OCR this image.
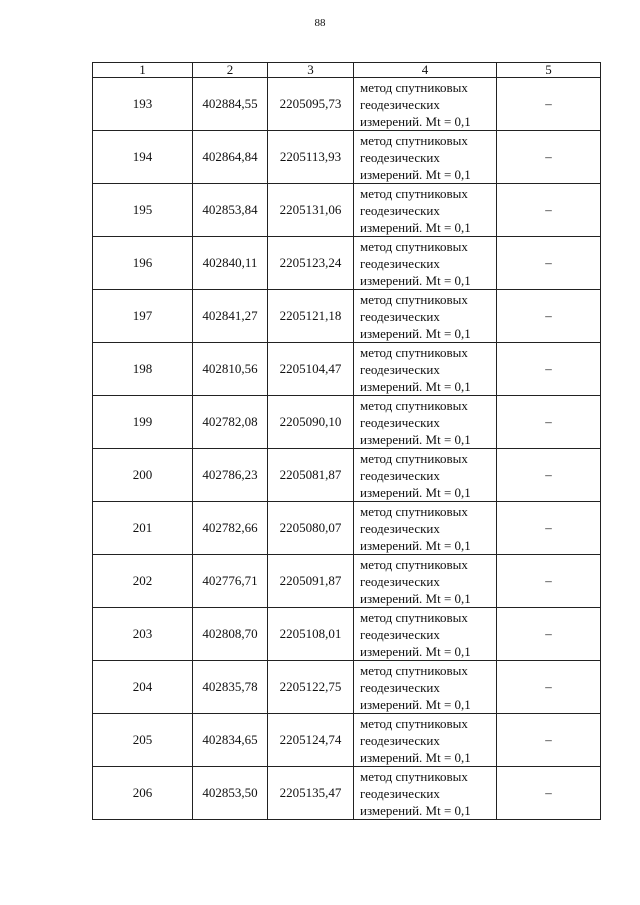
88
1	2	3	4	5
193	402884,55	2205095,73	метод спутниковых
геодезических
измерений. Mt = 0,1	–
194	402864,84	2205113,93	метод спутниковых
геодезических
измерений. Mt = 0,1	–
195	402853,84	2205131,06	метод спутниковых
геодезических
измерений. Mt = 0,1	–
196	402840,11	2205123,24	метод спутниковых
геодезических
измерений. Mt = 0,1	–
197	402841,27	2205121,18	метод спутниковых
геодезических
измерений. Mt = 0,1	–
198	402810,56	2205104,47	метод спутниковых
геодезических
измерений. Mt = 0,1	–
199	402782,08	2205090,10	метод спутниковых
геодезических
измерений. Mt = 0,1	–
200	402786,23	2205081,87	метод спутниковых
геодезических
измерений. Mt = 0,1	–
201	402782,66	2205080,07	метод спутниковых
геодезических
измерений. Mt = 0,1	–
202	402776,71	2205091,87	метод спутниковых
геодезических
измерений. Mt = 0,1	–
203	402808,70	2205108,01	метод спутниковых
геодезических
измерений. Mt = 0,1	–
204	402835,78	2205122,75	метод спутниковых
геодезических
измерений. Mt = 0,1	–
205	402834,65	2205124,74	метод спутниковых
геодезических
измерений. Mt = 0,1	–
206	402853,50	2205135,47	метод спутниковых
геодезических
измерений. Mt = 0,1	–
